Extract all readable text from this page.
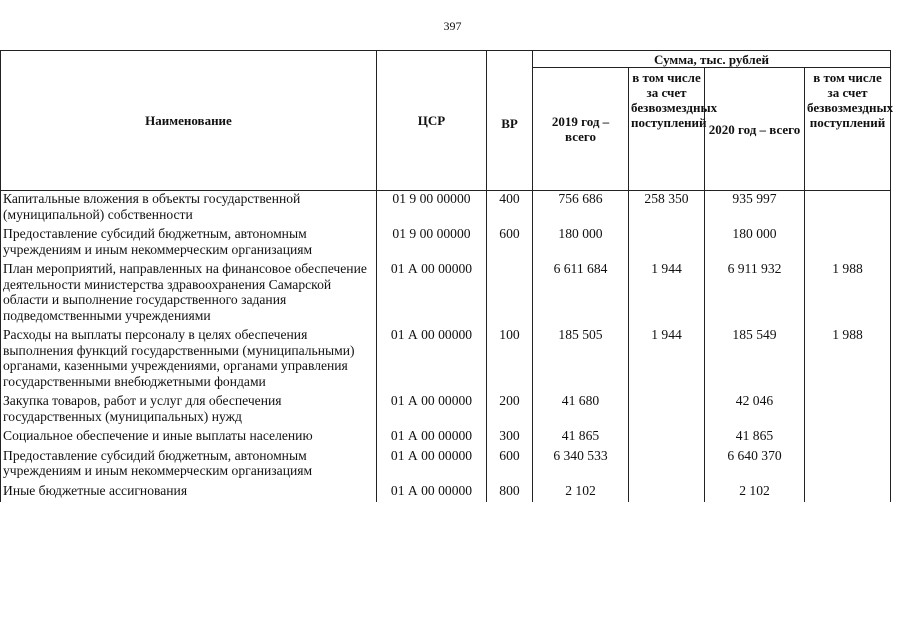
397
Наименование	ЦСР	ВР	Сумма, тыс. рублей			
			2019 год – всего	в том числе за счет безвозмездных поступлений	2020 год – всего	в том числе за счет безвозмездных поступлений
Капитальные вложения в объекты государственной (муниципальной) собственности	01 9 00 00000	400	756 686	258 350	935 997	
Предоставление субсидий бюджетным, автономным учреждениям и иным некоммерческим организациям	01 9 00 00000	600	180 000		180 000	
План мероприятий, направленных на финансовое обеспечение деятельности министерства здравоохранения Самарской области и выполнение государственного задания подведомственными учреждениями	01 А 00 00000		6 611 684	1 944	6 911 932	1 988
Расходы на выплаты персоналу в целях обеспечения выполнения функций государственными (муниципальными) органами, казенными учреждениями, органами управления государственными внебюджетными фондами	01 А 00 00000	100	185 505	1 944	185 549	1 988
Закупка товаров, работ и услуг для обеспечения государственных (муниципальных) нужд	01 А 00 00000	200	41 680		42 046	
Социальное обеспечение и иные выплаты населению	01 А 00 00000	300	41 865		41 865	
Предоставление субсидий бюджетным, автономным учреждениям и иным некоммерческим организациям	01 А 00 00000	600	6 340 533		6 640 370	
Иные бюджетные ассигнования	01 А 00 00000	800	2 102		2 102	
